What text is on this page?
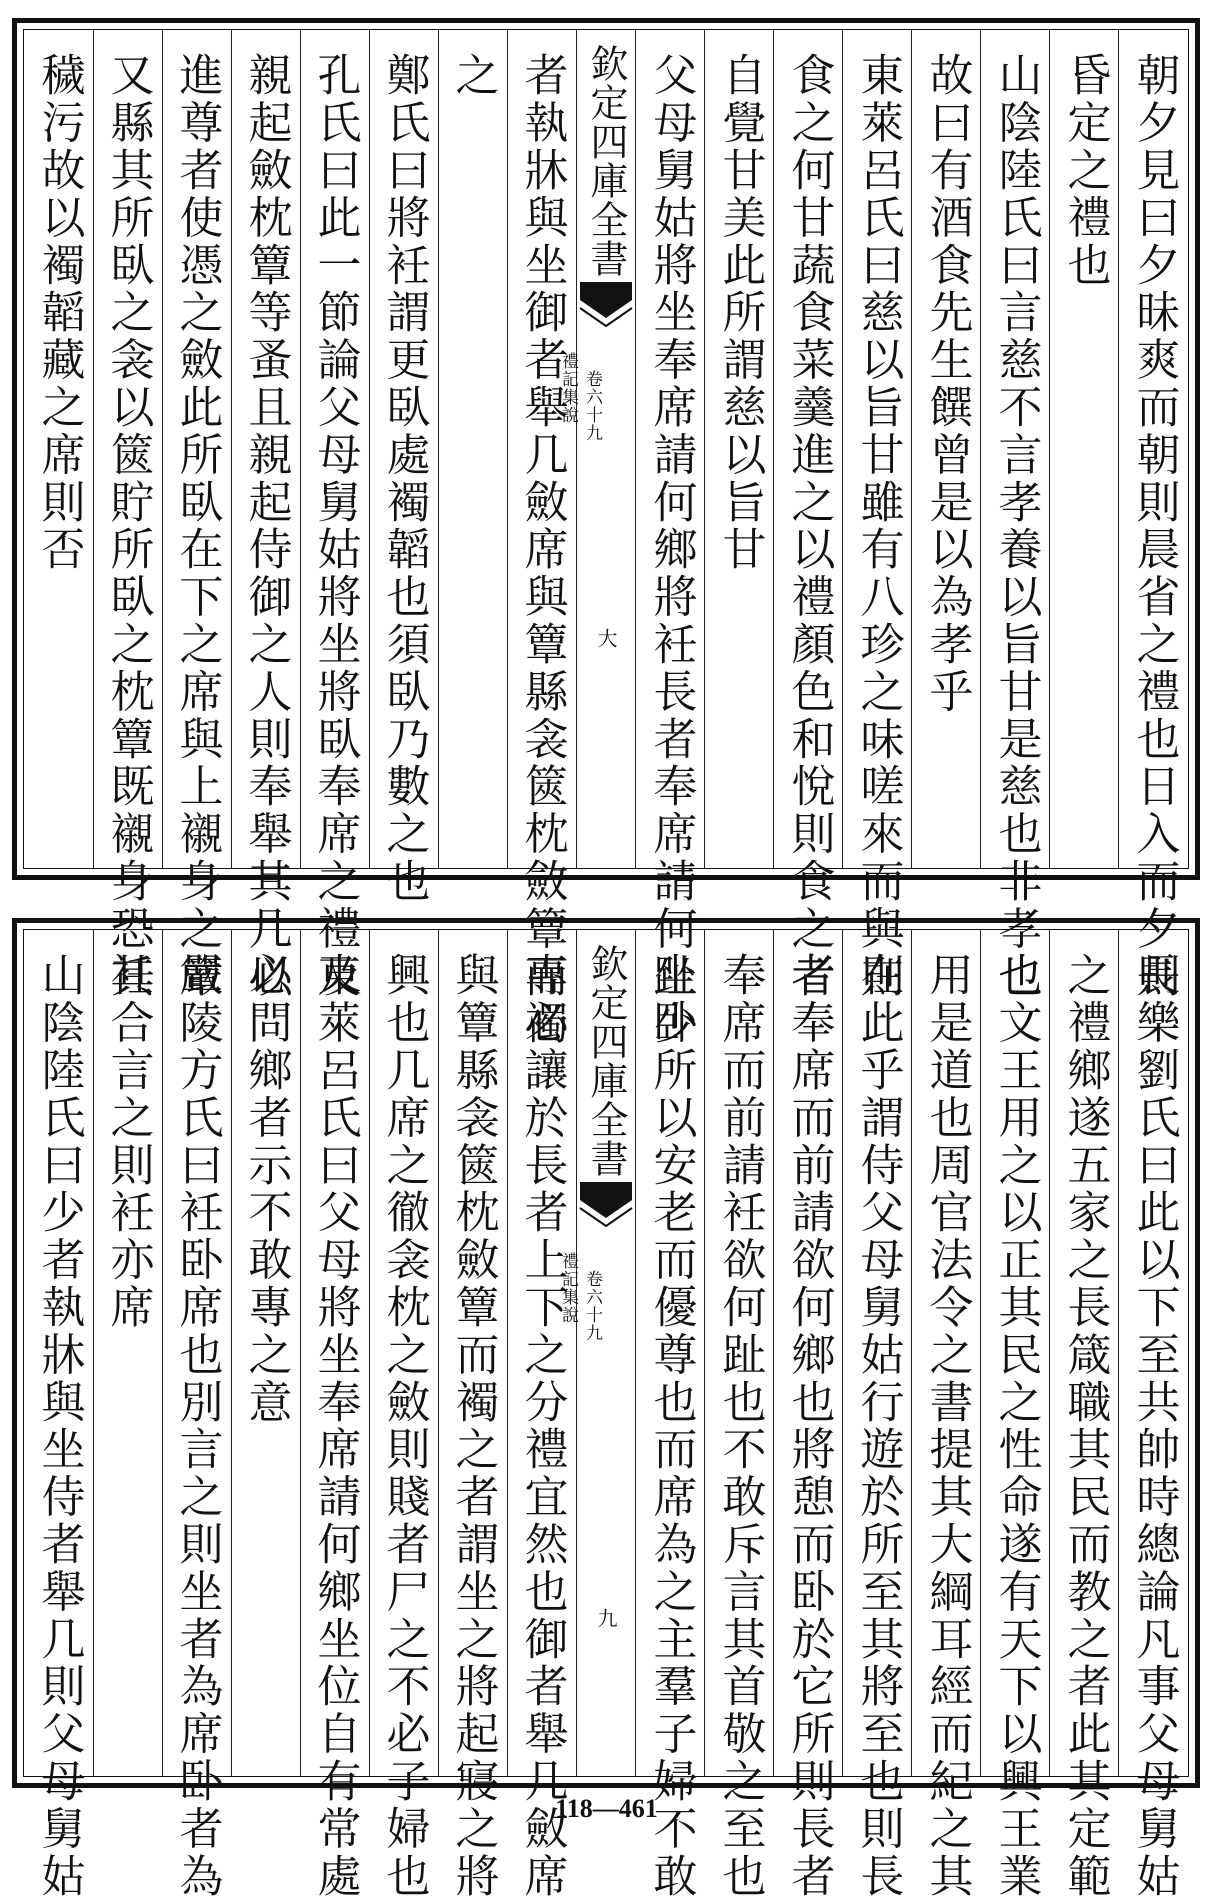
朝夕見曰夕昧爽而朝則晨省之禮也日入而夕則
昏定之禮也
山陰陸氏曰言慈不言孝養以旨甘是慈也非孝也
故曰有酒食先生饌曾是以為孝乎
東萊呂氏曰慈以旨甘雖有八珍之味嗟來而與則
食之何甘蔬食菜羹進之以禮顏色和悅則食之者
自覺甘美此所謂慈以旨甘
父母舅姑將坐奉席請何鄉將衽長者奉席請何趾少
欽定四庫全書
禮記集說 卷六十九
大
者執牀與坐御者舉几斂席與簟縣衾篋枕斂簟而襡
之
鄭氏曰將衽謂更臥處襡韜也須臥乃數之也
孔氏曰此一節論父母舅姑將坐將臥奉席之禮及
親起斂枕簟等蚤且親起侍御之人則奉舉其几以
進尊者使憑之斂此所臥在下之席與上襯身之簟
又縣其所臥之衾以篋貯所臥之枕簟既襯身恐其
穢污故以襡韜藏之席則否
長樂劉氏曰此以下至共帥時總論凡事父母舅姑
之禮鄉遂五家之長箴職其民而教之者此其定範
也文王用之以正其民之性命遂有天下以興王業
用是道也周官法令之書提其大綱耳經而紀之其
在此乎謂侍父母舅姑行遊於所至其將至也則長
者奉席而前請欲何鄉也將憩而卧於它所則長者
奉席而前請衽欲何趾也不敢斥言其首敬之至也
坐卧所以安老而優尊也而席為之主羣子婦不敢
欽定四庫全書
禮記集說 卷六十九
九
專必讓於長者上下之分禮宜然也御者舉几斂席
與簟縣衾篋枕斂簟而襡之者謂坐之將起寢之將
興也几席之徹衾枕之斂則賤者尸之不必子婦也
東萊呂氏曰父母將坐奉席請何鄉坐位自有常處
必問鄉者示不敢專之意
嚴陵方氏曰衽卧席也別言之則坐者為席卧者為
衽合言之則衽亦席
山陰陸氏曰少者執牀與坐侍者舉几則父母舅姑	118—461
